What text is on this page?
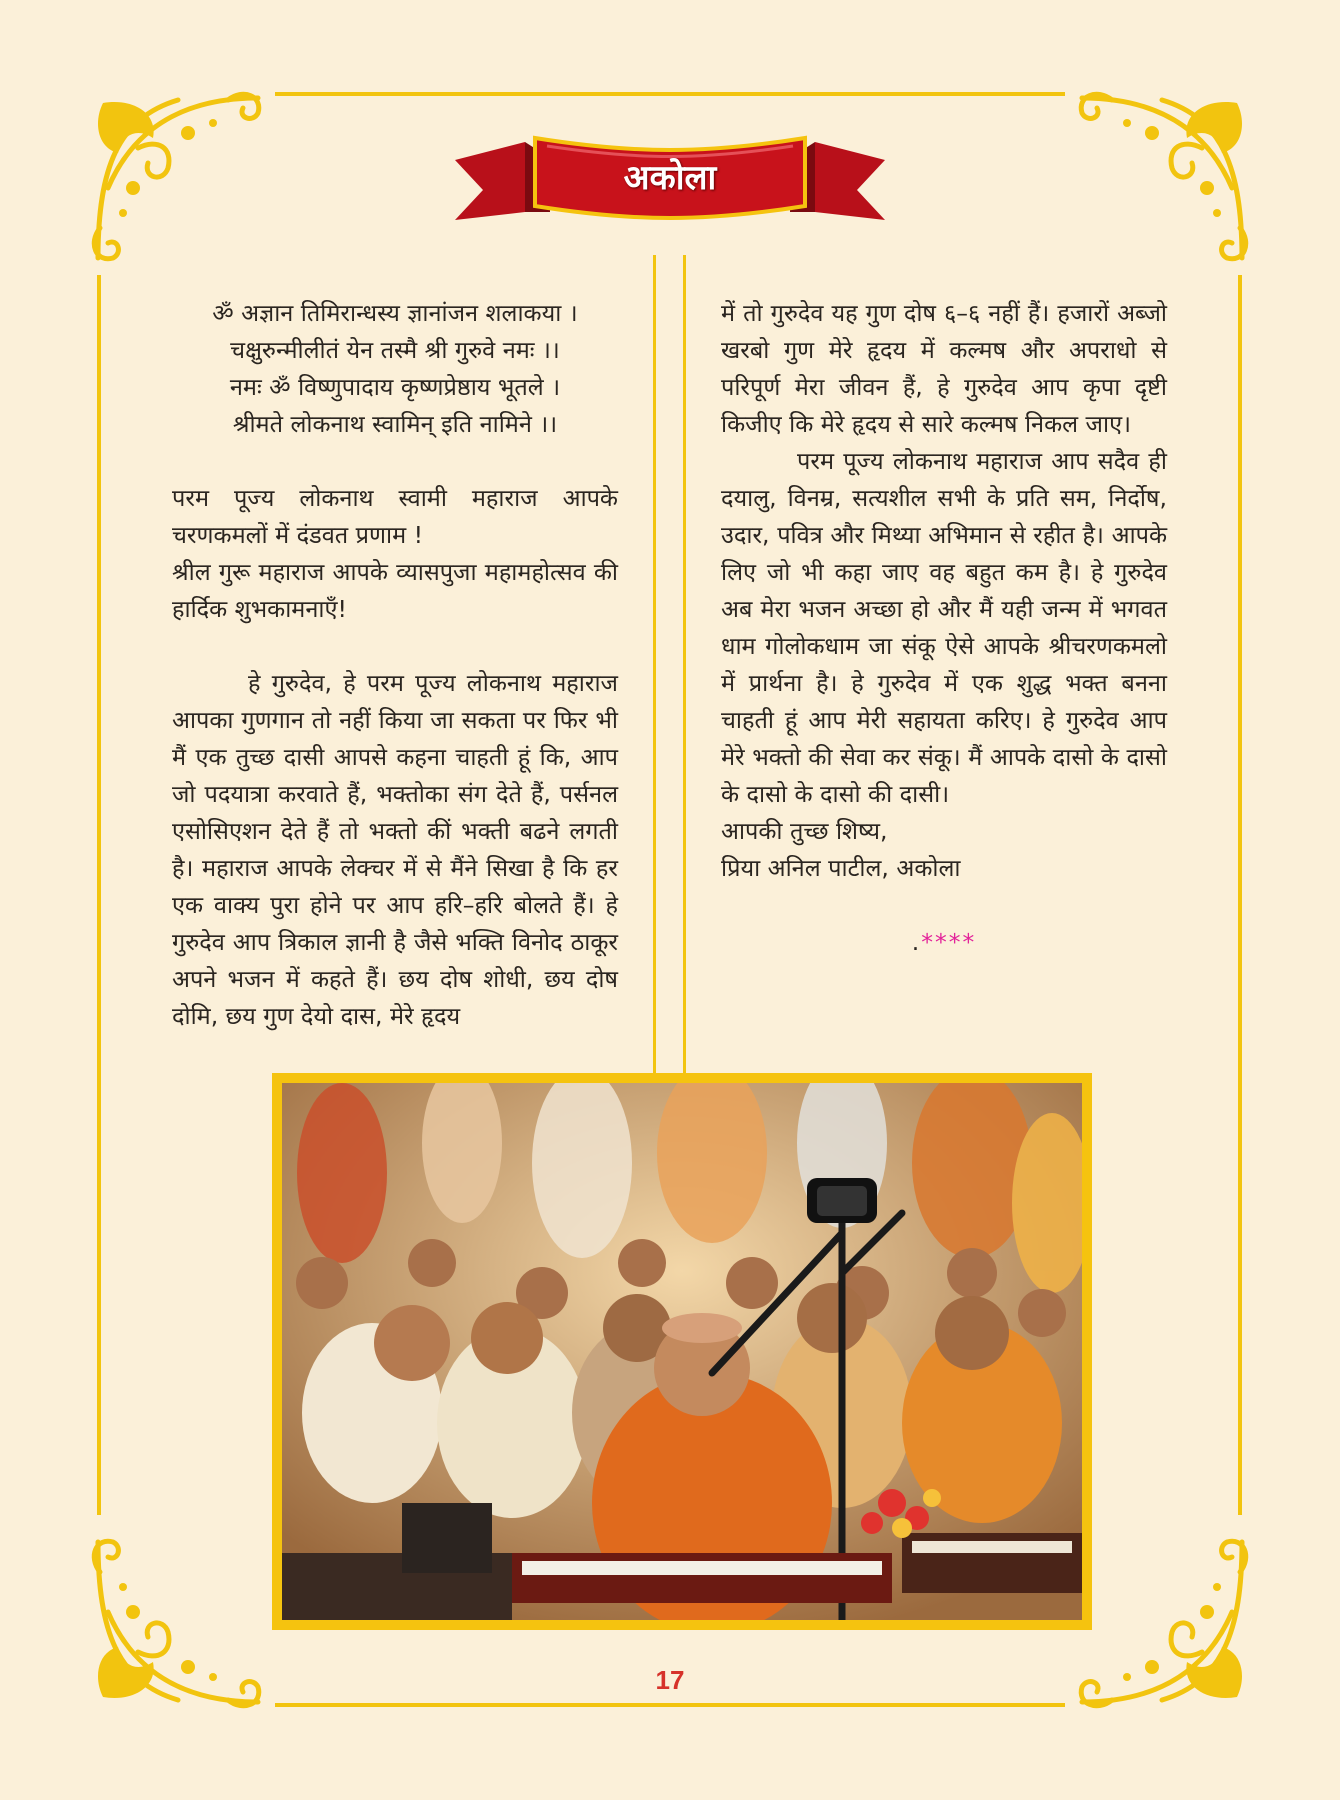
अकोला

ॐ अज्ञान तिमिरान्धस्य ज्ञानांजन शलाकया ।

चक्षुरुन्मीलीतं येन तस्मै श्री गुरुवे नमः ।।

नमः ॐ विष्णुपादाय कृष्णप्रेष्ठाय भूतले ।

श्रीमते लोकनाथ स्वामिन् इति नामिने ।।

परम पूज्य लोकनाथ स्वामी महाराज आपके चरणकमलों में दंडवत प्रणाम !

श्रील गुरू महाराज आपके व्यासपुजा महामहोत्सव की हार्दिक शुभकामनाएँ!

हे गुरुदेव, हे परम पूज्य लोकनाथ महाराज आपका गुणगान तो नहीं किया जा सकता पर फिर भी मैं एक तुच्छ दासी आपसे कहना चाहती हूं कि, आप जो पदयात्रा करवाते हैं, भक्तोका संग देते हैं, पर्सनल एसोसिएशन देते हैं तो भक्तो कीं भक्ती बढने लगती है। महाराज आपके लेक्चर में से मैंने सिखा है कि हर एक वाक्य पुरा होने पर आप हरि–हरि बोलते हैं। हे गुरुदेव आप त्रिकाल ज्ञानी है जैसे भक्ति विनोद ठाकूर अपने भजन में कहते हैं। छय दोष शोधी, छय दोष दोमि, छय गुण देयो दास, मेरे हृदय

में तो गुरुदेव यह गुण दोष ६–६ नहीं हैं। हजारों अब्जो खरबो गुण मेरे हृदय में कल्मष और अपराधो से परिपूर्ण मेरा जीवन हैं, हे गुरुदेव आप कृपा दृष्टी किजीए कि मेरे हृदय से सारे कल्मष निकल जाए।

परम पूज्य लोकनाथ महाराज आप सदैव ही दयालु, विनम्र, सत्यशील सभी के प्रति सम, निर्दोष, उदार, पवित्र और मिथ्या अभिमान से रहीत है। आपके लिए जो भी कहा जाए वह बहुत कम है। हे गुरुदेव अब मेरा भजन अच्छा हो और मैं यही जन्म में भगवत धाम गोलोकधाम जा संकू ऐसे आपके श्रीचरणकमलो में प्रार्थना है। हे गुरुदेव में एक शुद्ध भक्त बनना चाहती हूं आप मेरी सहायता करिए। हे गुरुदेव आप मेरे भक्तो की सेवा कर संकू। मैं आपके दासो के दासो के दासो के दासो की दासी।

आपकी तुच्छ शिष्य,

प्रिया अनिल पाटील, अकोला

.****
17
